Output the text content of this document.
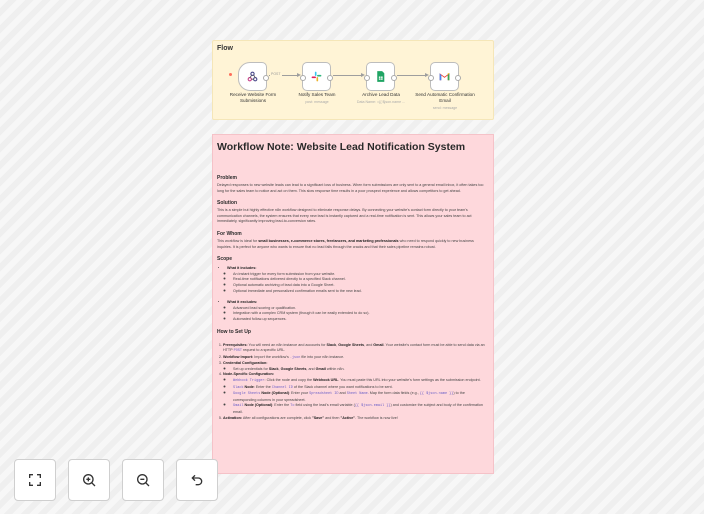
Flow
POST
Receive Website Form Submissions
Notify Sales Team
post: message
Archive Lead Data
Data Name: ={{ $json.name ...
Send Automatic Confirmation Email
send: message
Workflow Note: Website Lead Notification System
Problem

Delayed responses to new website leads can lead to a significant loss of business. When form submissions are only sent to a general email inbox, it often takes too long for the sales team to notice and act on them. This slow response time results in a poor prospect experience and allows competitors to get ahead.

Solution

This is a simple but highly effective n8n workflow designed to eliminate response delays. By connecting your website's contact form directly to your team's communication channels, the system ensures that every new lead is instantly captured and a real-time notification is sent. This allows your sales team to act immediately, significantly improving lead-to-conversion rates.

For Whom

This workflow is ideal for small businesses, e-commerce stores, freelancers, and marketing professionals who need to respond quickly to new business inquiries. It is perfect for anyone who wants to ensure that no lead falls through the cracks and that their sales pipeline remains robust.

Scope
• What it includes:
◦ An instant trigger for every form submission from your website.
◦ Real-time notifications delivered directly to a specified Slack channel.
◦ Optional automatic archiving of lead data into a Google Sheet.
◦ Optional immediate and personalized confirmation emails sent to the new lead.
• What it excludes:
◦ Advanced lead scoring or qualification.
◦ Integration with a complex CRM system (though it can be easily extended to do so).
◦ Automated follow-up sequences.
How to Set Up
1. Prerequisites: You will need an n8n instance and accounts for Slack, Google Sheets, and Gmail. Your website's contact form must be able to send data via an HTTP POST request to a specific URL.
2. Workflow Import: Import the workflow's .json file into your n8n instance.
3. Credential Configuration:
◦ Set up credentials for Slack, Google Sheets, and Gmail within n8n.
4. Node-Specific Configuration:
◦ Webhook Trigger: Click the node and copy the Webhook URL. You must paste this URL into your website's form settings as the submission endpoint.
◦ Slack Node: Enter the Channel ID of the Slack channel where you want notifications to be sent.
◦ Google Sheets Node (Optional): Enter your Spreadsheet ID and Sheet Name. Map the form data fields (e.g., {{ $json.name }}) to the corresponding columns in your spreadsheet.
◦ Gmail Node (Optional): Enter the To field using the lead's email variable ({{ $json.email }}) and customize the subject and body of the confirmation email.
5. Activation: After all configurations are complete, click "Save" and then "Active". The workflow is now live!
